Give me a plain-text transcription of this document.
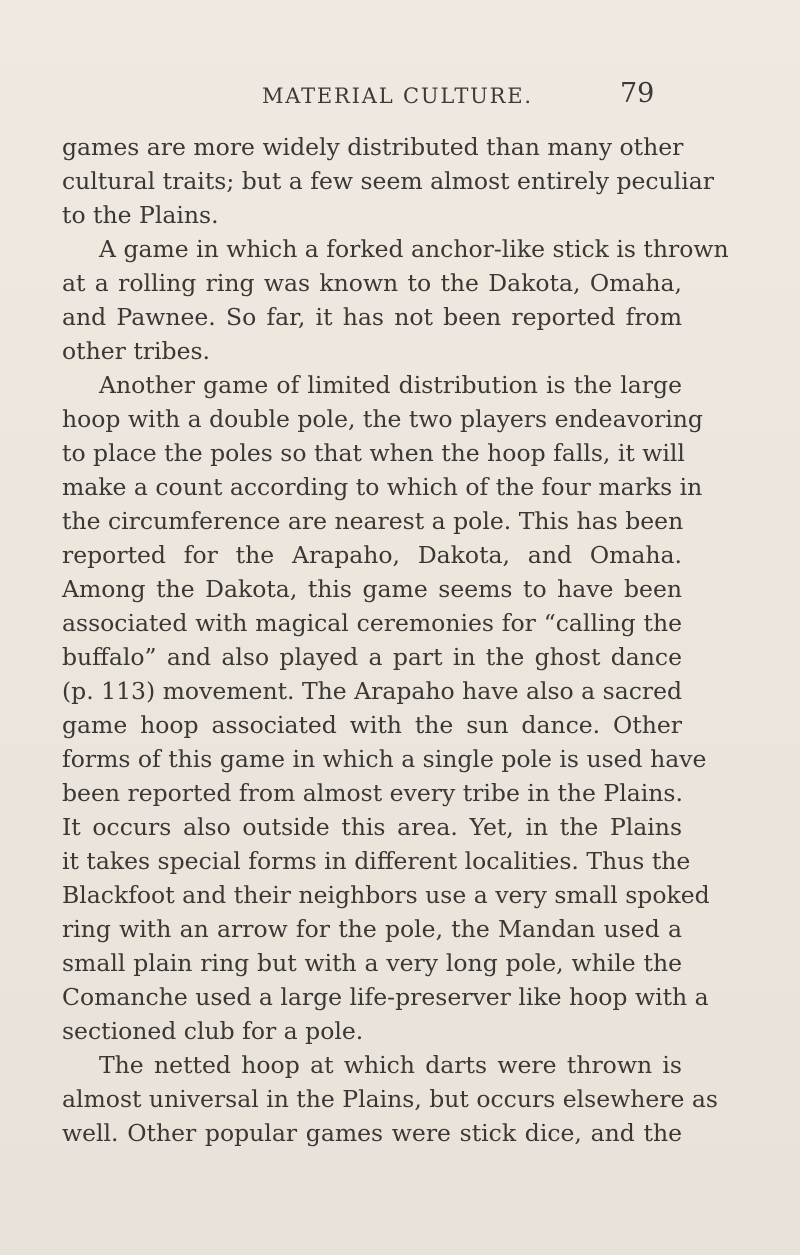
MATERIAL CULTURE.	79
games are more widely distributed than many other
cultural traits; but a few seem almost entirely peculiar
to the Plains.
A game in which a forked anchor-like stick is thrown
at a rolling ring was known to the Dakota, Omaha,
and Pawnee. So far, it has not been reported from
other tribes.
Another game of limited distribution is the large
hoop with a double pole, the two players endeavoring
to place the poles so that when the hoop falls, it will
make a count according to which of the four marks in
the circumference are nearest a pole. This has been
reported for the Arapaho, Dakota, and Omaha.
Among the Dakota, this game seems to have been
associated with magical ceremonies for “calling the
buffalo” and also played a part in the ghost dance
(p. 113) movement. The Arapaho have also a sacred
game hoop associated with the sun dance. Other
forms of this game in which a single pole is used have
been reported from almost every tribe in the Plains.
It occurs also outside this area. Yet, in the Plains
it takes special forms in different localities. Thus the
Blackfoot and their neighbors use a very small spoked
ring with an arrow for the pole, the Mandan used a
small plain ring but with a very long pole, while the
Comanche used a large life-preserver like hoop with a
sectioned club for a pole.
The netted hoop at which darts were thrown is
almost universal in the Plains, but occurs elsewhere as
well. Other popular games were stick dice, and the
